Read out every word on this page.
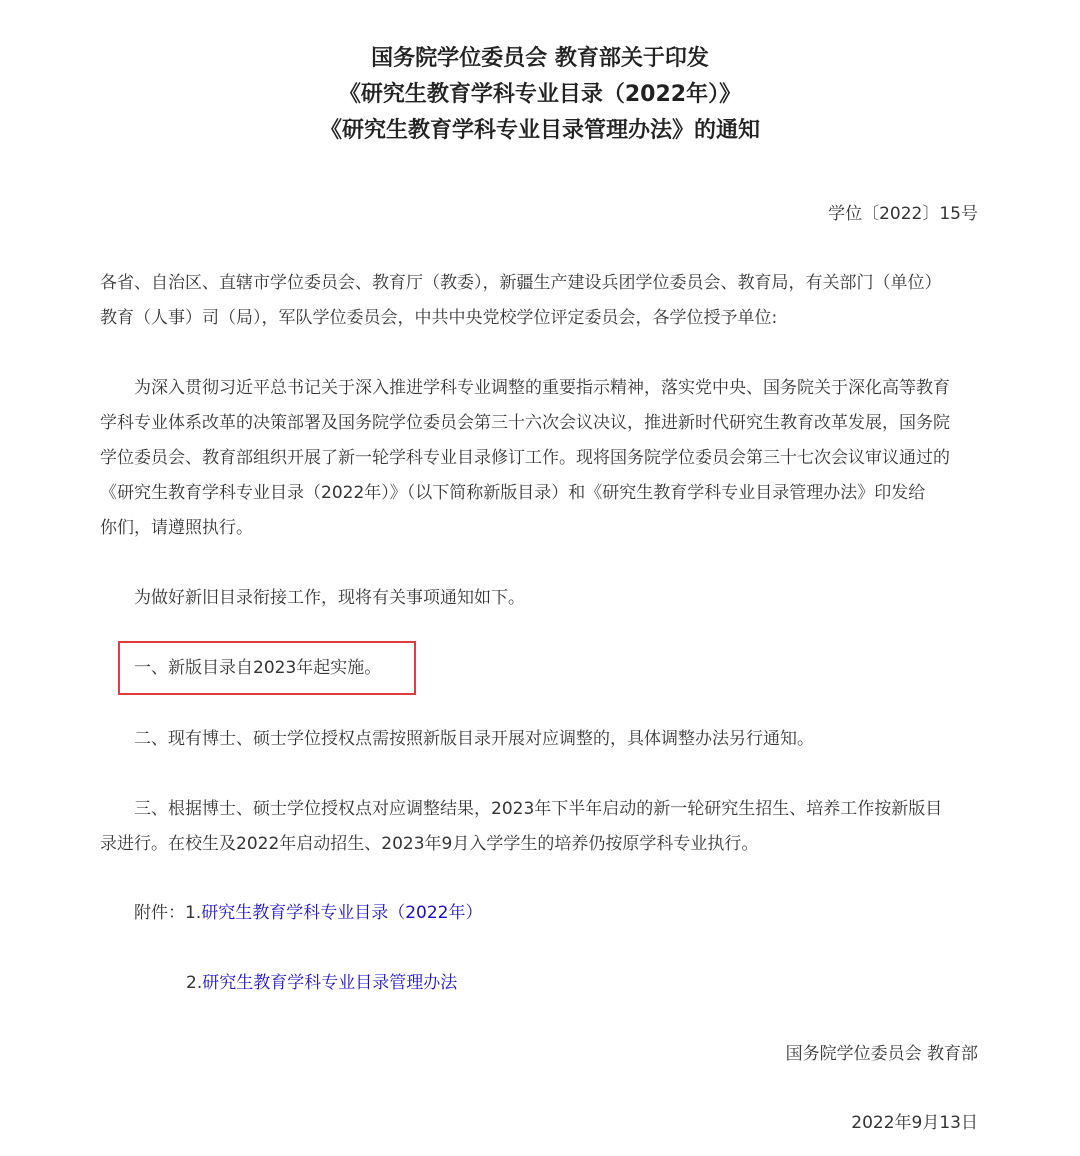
国务院学位委员会 教育部关于印发
《研究生教育学科专业目录（2022年）》
《研究生教育学科专业目录管理办法》的通知
学位〔2022〕15号
各省、自治区、直辖市学位委员会、教育厅（教委），新疆生产建设兵团学位委员会、教育局，有关部门（单位）
教育（人事）司（局），军队学位委员会，中共中央党校学位评定委员会，各学位授予单位:
为深入贯彻习近平总书记关于深入推进学科专业调整的重要指示精神，落实党中央、国务院关于深化高等教育
学科专业体系改革的决策部署及国务院学位委员会第三十六次会议决议，推进新时代研究生教育改革发展，国务院
学位委员会、教育部组织开展了新一轮学科专业目录修订工作。现将国务院学位委员会第三十七次会议审议通过的
《研究生教育学科专业目录（2022年）》（以下简称新版目录）和《研究生教育学科专业目录管理办法》印发给
你们，请遵照执行。
为做好新旧目录衔接工作，现将有关事项通知如下。
一、新版目录自2023年起实施。
二、现有博士、硕士学位授权点需按照新版目录开展对应调整的，具体调整办法另行通知。
三、根据博士、硕士学位授权点对应调整结果，2023年下半年启动的新一轮研究生招生、培养工作按新版目
录进行。在校生及2022年启动招生、2023年9月入学学生的培养仍按原学科专业执行。
附件：1.研究生教育学科专业目录（2022年）
2.研究生教育学科专业目录管理办法
国务院学位委员会 教育部
2022年9月13日
